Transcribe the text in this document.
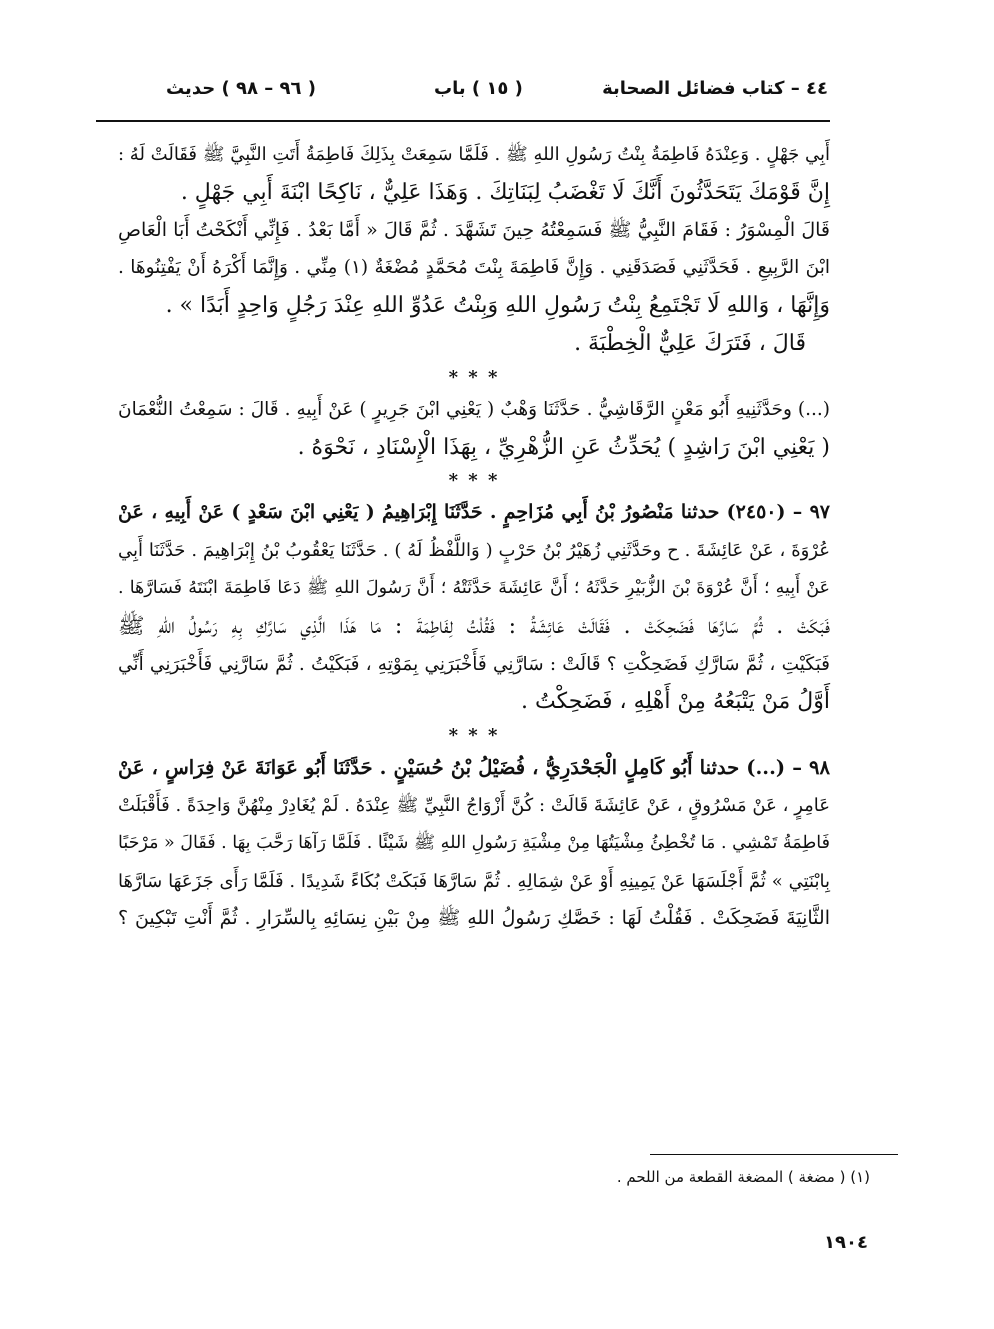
٤٤ – كتاب فضائل الصحابة
( ١٥ ) باب
( ٩٦ – ٩٨ ) حديث
أَبِي جَهْلٍ . وَعِنْدَهُ فَاطِمَةُ بِنْتُ رَسُولِ اللهِ ﷺ . فَلَمَّا سَمِعَتْ بِذَلِكَ فَاطِمَةُ أَتَتِ النَّبِيَّ ﷺ فَقَالَتْ لَهُ :
إِنَّ قَوْمَكَ يَتَحَدَّثُونَ أَنَّكَ لَا تَغْضَبُ لِبَنَاتِكَ . وَهَذَا عَلِيٌّ ، نَاكِحًا ابْنَةَ أَبِي جَهْلٍ .
قَالَ الْمِسْوَرُ : فَقَامَ النَّبِيُّ ﷺ فَسَمِعْتُهُ حِينَ تَشَهَّدَ . ثُمَّ قَالَ « أَمَّا بَعْدُ . فَإِنِّي أَنْكَحْتُ أَبَا الْعَاصِ
ابْنَ الرَّبِيعِ . فَحَدَّثَنِي فَصَدَقَنِي . وَإِنَّ فَاطِمَةَ بِنْتَ مُحَمَّدٍ مُضْغَةٌ (١) مِنِّي . وَإِنَّمَا أَكْرَهُ أَنْ يَفْتِنُوهَا .
وَإِنَّهَا ، وَاللهِ لَا تَجْتَمِعُ بِنْتُ رَسُولِ اللهِ وَبِنْتُ عَدُوِّ اللهِ عِنْدَ رَجُلٍ وَاحِدٍ أَبَدًا » .
قَالَ ، فَتَرَكَ عَلِيٌّ الْخِطْبَةَ .
* * *
(...) وحَدَّثَنِيهِ أَبُو مَعْنٍ الرَّقَاشِيُّ . حَدَّثَنَا وَهْبٌ ( يَعْنِي ابْنَ جَرِيرٍ ) عَنْ أَبِيهِ . قَالَ : سَمِعْتُ النُّعْمَانَ
( يَعْنِي ابْنَ رَاشِدٍ ) يُحَدِّثُ عَنِ الزُّهْرِيِّ ، بِهَذَا الْإِسْنَادِ ، نَحْوَهُ .
* * *
٩٧ – (٢٤٥٠) حدثنا مَنْصُورُ بْنُ أَبِي مُزَاحِمٍ . حَدَّثَنَا إِبْرَاهِيمُ ( يَعْنِي ابْنَ سَعْدٍ ) عَنْ أَبِيهِ ، عَنْ
عُرْوَةَ ، عَنْ عَائِشَةَ . ح وحَدَّثَنِي زُهَيْرُ بْنُ حَرْبٍ ( وَاللَّفْظُ لَهُ ) . حَدَّثَنَا يَعْقُوبُ بْنُ إِبْرَاهِيمَ . حَدَّثَنَا أَبِي
عَنْ أَبِيهِ ؛ أَنَّ عُرْوَةَ بْنَ الزُّبَيْرِ حَدَّثَهُ ؛ أَنَّ عَائِشَةَ حَدَّثَتْهُ ؛ أَنَّ رَسُولَ اللهِ ﷺ دَعَا فَاطِمَةَ ابْنَتَهُ فَسَارَّهَا .
فَبَكَتْ . ثُمَّ سَارَّهَا فَضَحِكَتْ . فَقَالَتْ عَائِشَةُ : فَقُلْتُ لِفَاطِمَةَ : مَا هَذَا الَّذِي سَارَّكِ بِهِ رَسُولُ اللهِ ﷺ
فَبَكَيْتِ ، ثُمَّ سَارَّكِ فَضَحِكْتِ ؟ قَالَتْ : سَارَّنِي فَأَخْبَرَنِي بِمَوْتِهِ ، فَبَكَيْتُ . ثُمَّ سَارَّنِي فَأَخْبَرَنِي أَنِّي
أَوَّلُ مَنْ يَتْبَعُهُ مِنْ أَهْلِهِ ، فَضَحِكْتُ .
* * *
٩٨ – (...) حدثنا أَبُو كَامِلٍ الْجَحْدَرِيُّ ، فُضَيْلُ بْنُ حُسَيْنٍ . حَدَّثَنَا أَبُو عَوَانَةَ عَنْ فِرَاسٍ ، عَنْ
عَامِرٍ ، عَنْ مَسْرُوقٍ ، عَنْ عَائِشَةَ قَالَتْ : كُنَّ أَزْوَاجُ النَّبِيِّ ﷺ عِنْدَهُ . لَمْ يُغَادِرْ مِنْهُنَّ وَاحِدَةً . فَأَقْبَلَتْ
فَاطِمَةُ تَمْشِي . مَا تُخْطِئُ مِشْيَتُهَا مِنْ مِشْيَةِ رَسُولِ اللهِ ﷺ شَيْئًا . فَلَمَّا رَآهَا رَحَّبَ بِهَا . فَقَالَ « مَرْحَبًا
بِابْنَتِي » ثُمَّ أَجْلَسَهَا عَنْ يَمِينِهِ أَوْ عَنْ شِمَالِهِ . ثُمَّ سَارَّهَا فَبَكَتْ بُكَاءً شَدِيدًا . فَلَمَّا رَأَى جَزَعَهَا سَارَّهَا
الثَّانِيَةَ فَضَحِكَتْ . فَقُلْتُ لَهَا : خَصَّكِ رَسُولُ اللهِ ﷺ مِنْ بَيْنِ نِسَائِهِ بِالسِّرَارِ . ثُمَّ أَنْتِ تَبْكِينَ ؟
(١) ( مضغة ) المضغة القطعة من اللحم .
١٩٠٤
